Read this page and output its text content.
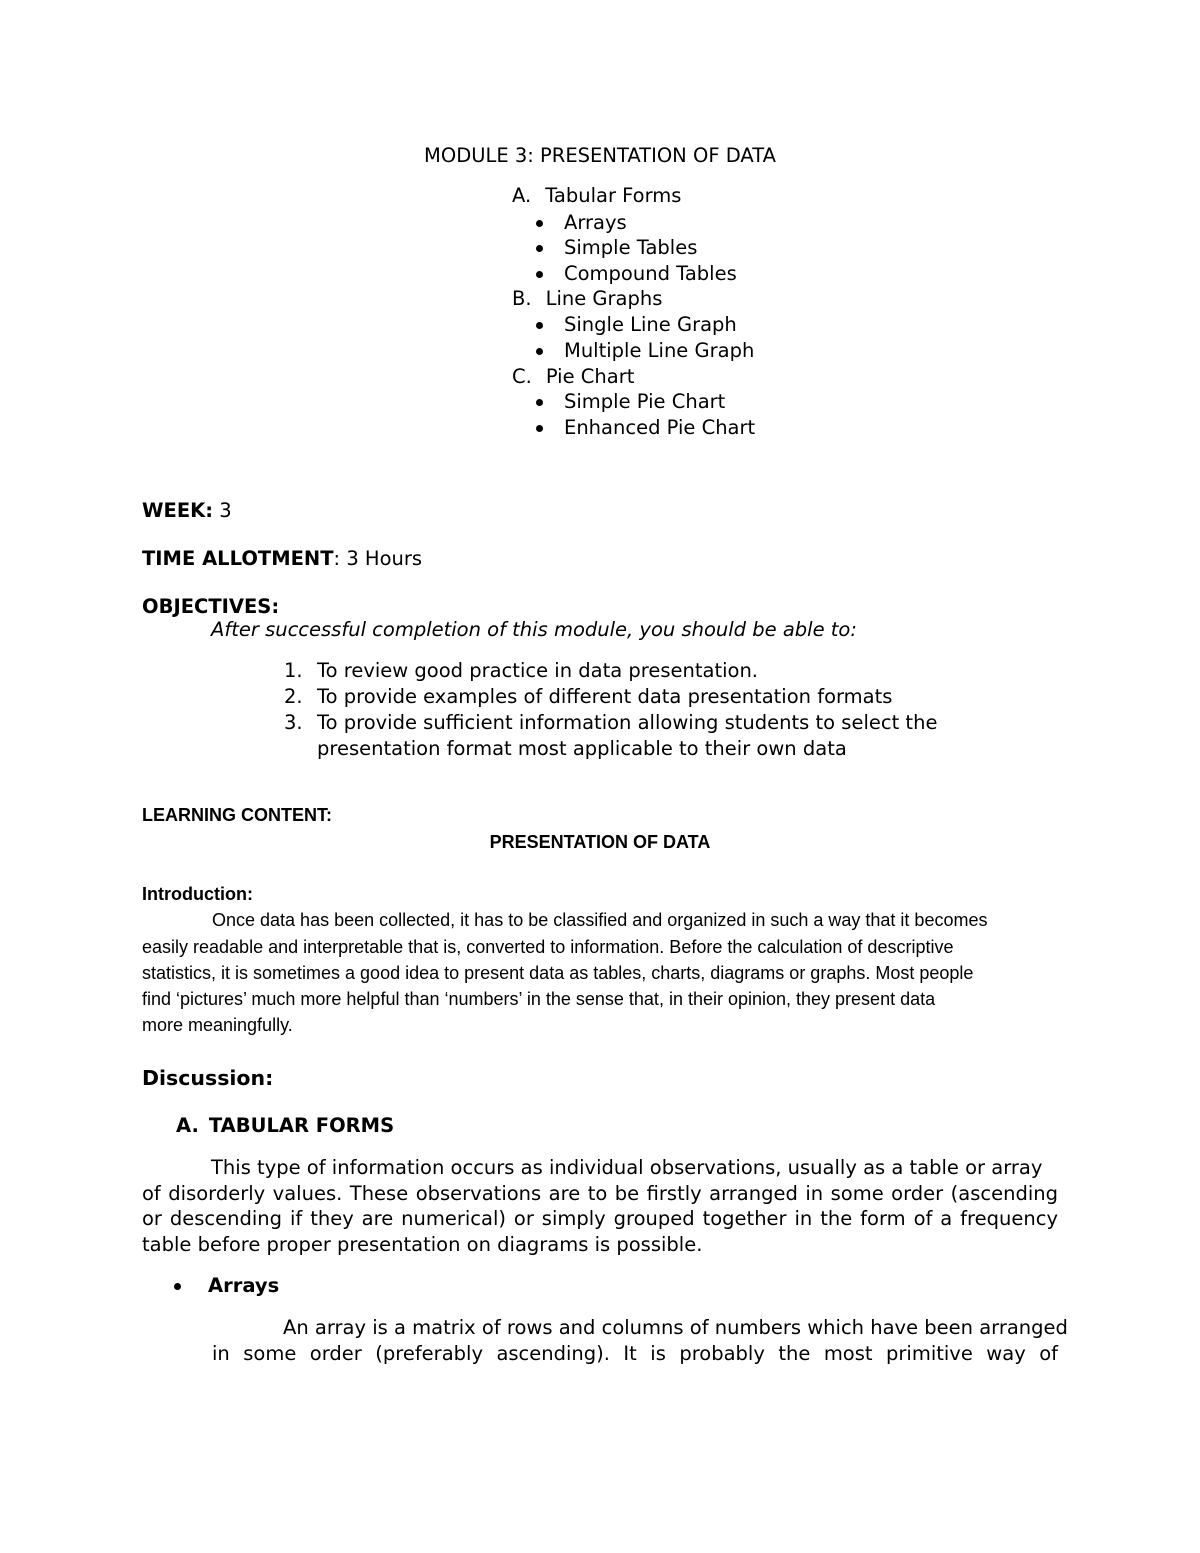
MODULE 3: PRESENTATION OF DATA
A. Tabular Forms
Arrays
Simple Tables
Compound Tables
B. Line Graphs
Single Line Graph
Multiple Line Graph
C. Pie Chart
Simple Pie Chart
Enhanced Pie Chart
WEEK: 3
TIME ALLOTMENT: 3 Hours
OBJECTIVES:
After successful completion of this module, you should be able to:
1. To review good practice in data presentation.
2. To provide examples of different data presentation formats
3. To provide sufficient information allowing students to select the
presentation format most applicable to their own data
LEARNING CONTENT:
PRESENTATION OF DATA
Introduction:
Once data has been collected, it has to be classified and organized in such a way that it becomes
easily readable and interpretable that is, converted to information. Before the calculation of descriptive
statistics, it is sometimes a good idea to present data as tables, charts, diagrams or graphs. Most people
find ‘pictures’ much more helpful than ‘numbers’ in the sense that, in their opinion, they present data
more meaningfully.
Discussion:
A. TABULAR FORMS
This type of information occurs as individual observations, usually as a table or array
of disorderly values. These observations are to be firstly arranged in some order (ascending
or descending if they are numerical) or simply grouped together in the form of a frequency
table before proper presentation on diagrams is possible.
Arrays
An array is a matrix of rows and columns of numbers which have been arranged
in some order (preferably ascending). It is probably the most primitive way of
